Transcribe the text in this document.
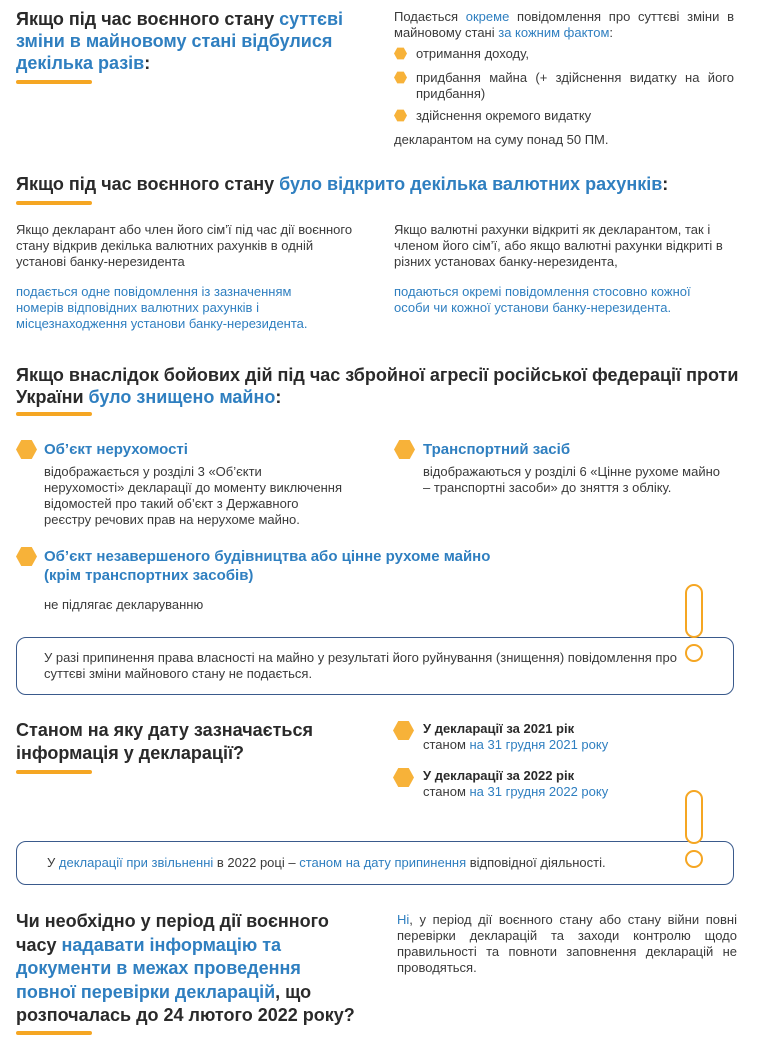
Якщо під час воєнного стану суттєві зміни в майновому стані відбулися декілька разів:
Подається окреме повідомлення про суттєві зміни в майновому стані за кожним фактом:
отримання доходу,
придбання майна (+ здійснення видатку на його придбання)
здійснення окремого видатку
декларантом на суму понад 50 ПМ.
Якщо під час воєнного стану було відкрито декілька валютних рахунків:
Якщо декларант або член його сім’ї під час дії воєнного стану відкрив декілька валютних рахунків в одній установі банку-нерезидента
подається одне повідомлення із зазначенням номерів відповідних валютних рахунків і місцезнаходження установи банку-нерезидента.
Якщо валютні рахунки відкриті як декларантом, так і членом його сім’ї, або якщо валютні рахунки відкриті в різних установах банку-нерезидента,
подаються окремі повідомлення стосовно кожної особи чи кожної установи банку-нерезидента.
Якщо внаслідок бойових дій під час збройної агресії російської федерації проти України було знищено майно:
Об’єкт нерухомості
відображається у розділі 3 «Об’єкти нерухомості» декларації до моменту виключення відомостей про такий об’єкт з Державного реєстру речових прав на нерухоме майно.
Транспортний засіб
відображаються у розділі 6 «Цінне рухоме майно – транспортні засоби» до зняття з обліку.
Об’єкт незавершеного будівництва або цінне рухоме майно (крім транспортних засобів)
не підлягає декларуванню
У разі припинення права власності на майно у результаті його руйнування (знищення) повідомлення про суттєві зміни майнового стану не подається.
Станом на яку дату зазначається інформація у декларації?
У декларації за 2021 рік
станом на 31 грудня 2021 року
У декларації за 2022 рік
станом на 31 грудня 2022 року
У декларації при звільненні в 2022 році – станом на дату припинення відповідної діяльності.
Чи необхідно у період дії воєнного часу надавати інформацію та документи в межах проведення повної перевірки декларацій, що розпочалась до 24 лютого 2022 року?
Ні, у період дії воєнного стану або стану війни повні перевірки декларацій та заходи контролю щодо правильності та повноти заповнення декларацій не проводяться.
